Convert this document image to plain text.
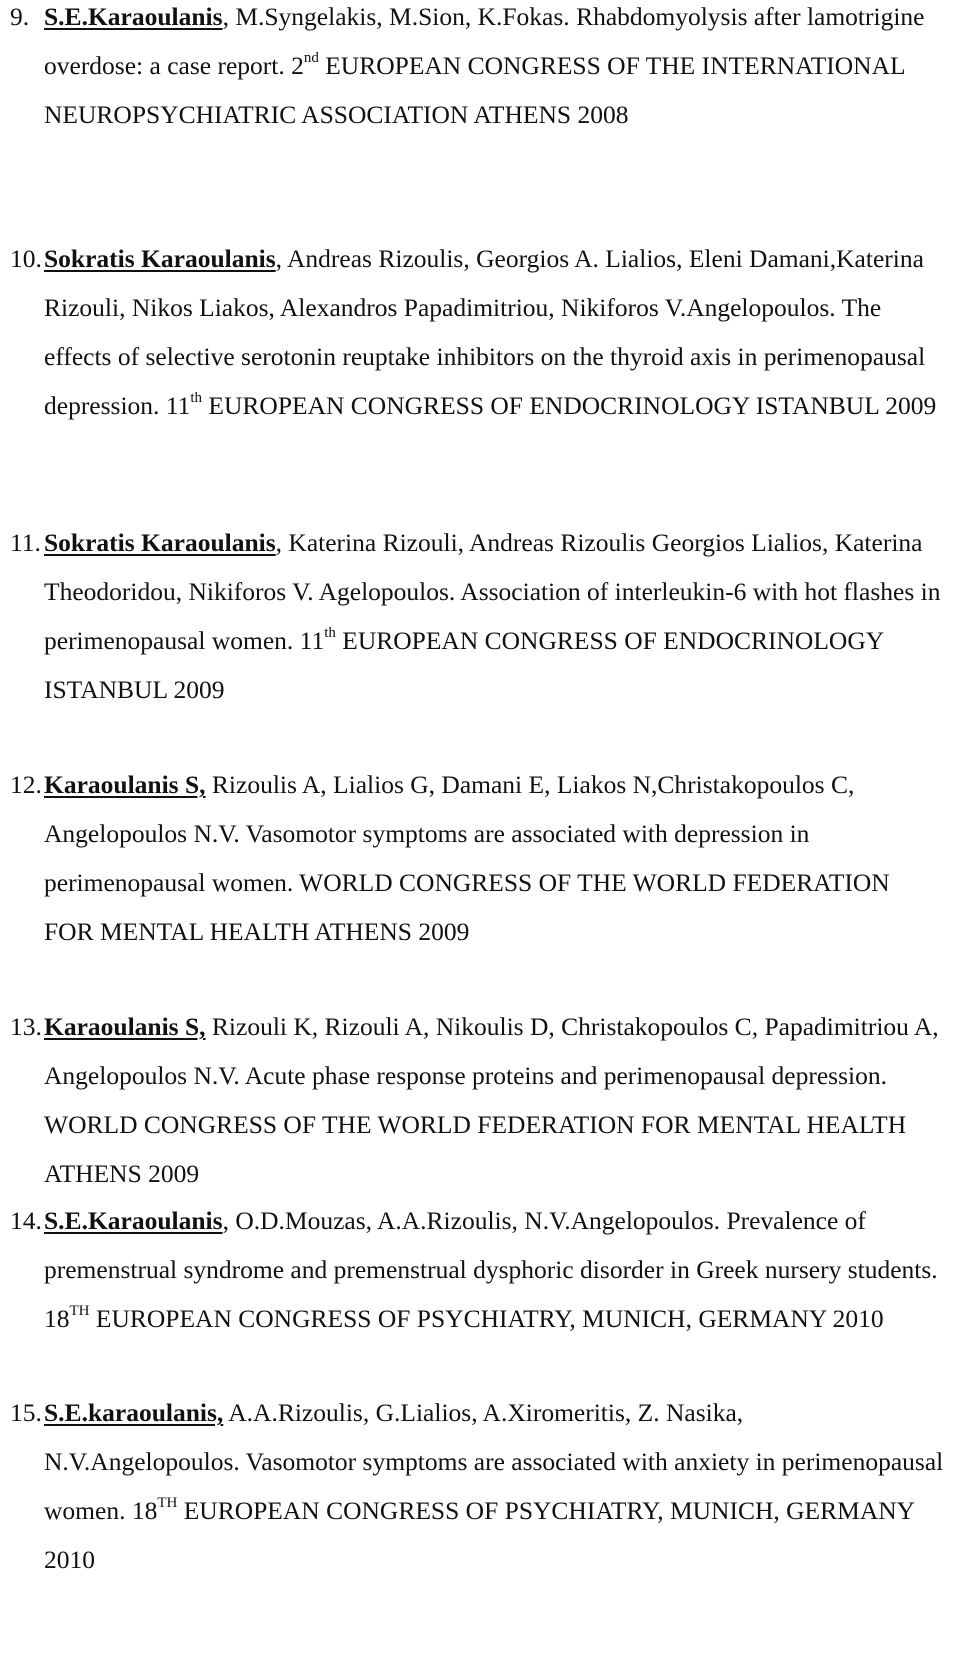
9. S.E.Karaoulanis, M.Syngelakis, M.Sion, K.Fokas. Rhabdomyolysis after lamotrigine overdose: a case report. 2nd EUROPEAN CONGRESS OF THE INTERNATIONAL NEUROPSYCHIATRIC ASSOCIATION ATHENS 2008
10. Sokratis Karaoulanis, Andreas Rizoulis, Georgios A. Lialios, Eleni Damani,Katerina Rizouli, Nikos Liakos, Alexandros Papadimitriou, Nikiforos V.Angelopoulos. The effects of selective serotonin reuptake inhibitors on the thyroid axis in perimenopausal depression. 11th EUROPEAN CONGRESS OF ENDOCRINOLOGY ISTANBUL 2009
11. Sokratis Karaoulanis, Katerina Rizouli, Andreas Rizoulis Georgios Lialios, Katerina Theodoridou, Nikiforos V. Agelopoulos. Association of interleukin-6 with hot flashes in perimenopausal women. 11th EUROPEAN CONGRESS OF ENDOCRINOLOGY ISTANBUL 2009
12. Karaoulanis S, Rizoulis A, Lialios G, Damani E, Liakos N,Christakopoulos C, Angelopoulos N.V. Vasomotor symptoms are associated with depression in perimenopausal women. WORLD CONGRESS OF THE WORLD FEDERATION FOR MENTAL HEALTH ATHENS 2009
13. Karaoulanis S, Rizouli K, Rizouli A, Nikoulis D, Christakopoulos C, Papadimitriou A, Angelopoulos N.V. Acute phase response proteins and perimenopausal depression. WORLD CONGRESS OF THE WORLD FEDERATION FOR MENTAL HEALTH ATHENS 2009
14. S.E.Karaoulanis, O.D.Mouzas, A.A.Rizoulis, N.V.Angelopoulos. Prevalence of premenstrual syndrome and premenstrual dysphoric disorder in Greek nursery students. 18TH EUROPEAN CONGRESS OF PSYCHIATRY, MUNICH, GERMANY 2010
15. S.E.karaoulanis, A.A.Rizoulis, G.Lialios, A.Xiromeritis, Z. Nasika, N.V.Angelopoulos. Vasomotor symptoms are associated with anxiety in perimenopausal women. 18TH EUROPEAN CONGRESS OF PSYCHIATRY, MUNICH, GERMANY 2010
